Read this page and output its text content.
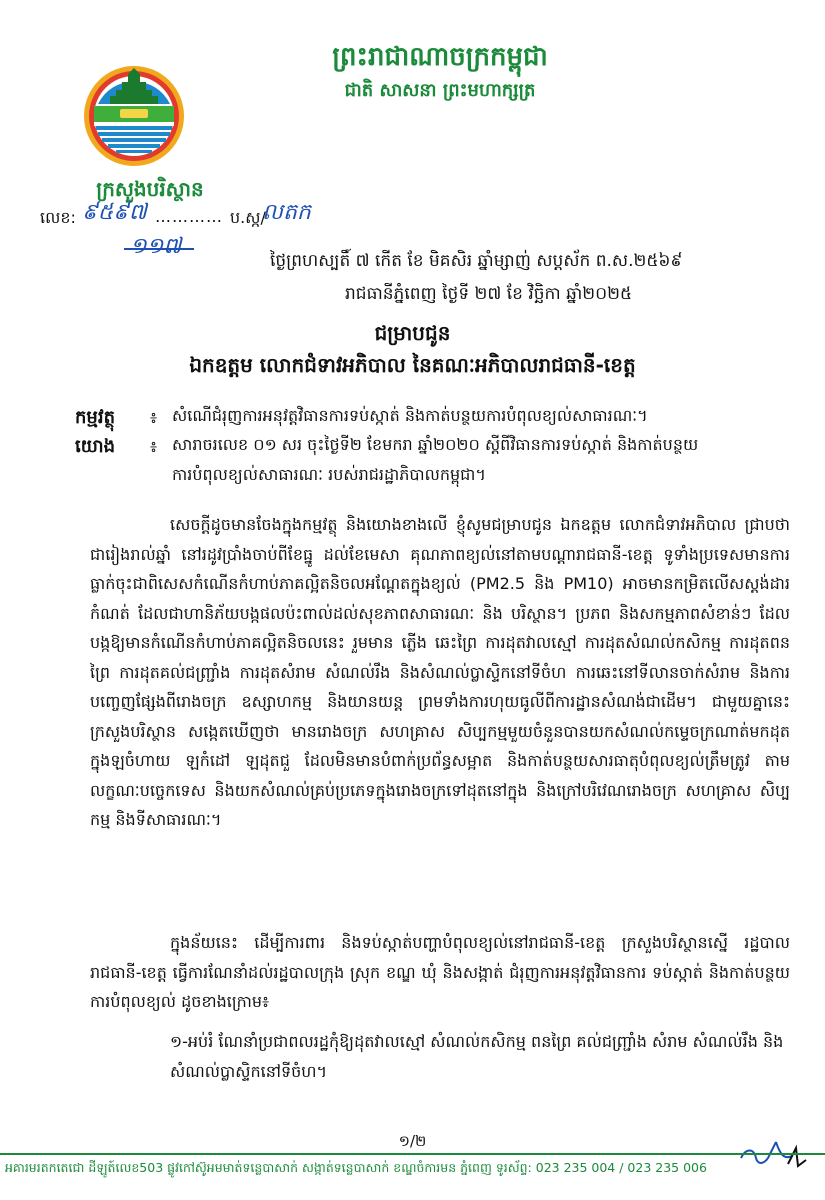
ព្រះរាជាណាចក្រកម្ពុជា
ជាតិ សាសនា ព្រះមហាក្សត្រ
ក្រសួងបរិស្ថាន
លេខ: ៩៥៩៧ ………… ប.ស្ក/
លតក
១១៧
ថ្ងៃព្រហស្បតិ៍ ៧ កើត ខែ មិគសិរ ឆ្នាំម្សាញ់ សប្តស័ក ព.ស.២៥៦៩
រាជធានីភ្នំពេញ ថ្ងៃទី ២៧ ខែ វិច្ឆិកា ឆ្នាំ២០២៥
ជម្រាបជូន
ឯកឧត្តម លោកជំទាវអភិបាល នៃគណៈអភិបាលរាជធានី-ខេត្ត
កម្មវត្ថុ ៖ សំណើជំរុញការអនុវត្តវិធានការទប់ស្កាត់ និងកាត់បន្ថយការបំពុលខ្យល់សាធារណៈ។
យោង ៖ សារាចរលេខ ០១ សរ ចុះថ្ងៃទី២ ខែមករា ឆ្នាំ២០២០ ស្តីពីវិធានការទប់ស្កាត់ និងកាត់បន្ថយ
ការបំពុលខ្យល់សាធារណៈ របស់រាជរដ្ឋាភិបាលកម្ពុជា។
សេចក្តីដូចមានចែងក្នុងកម្មវត្ថុ និងយោងខាងលើ ខ្ញុំសូមជម្រាបជូន ឯកឧត្តម លោកជំទាវអភិបាល ជ្រាបថា ជារៀងរាល់ឆ្នាំ នៅរដូវប្រាំងចាប់ពីខែធ្នូ ដល់ខែមេសា គុណភាពខ្យល់នៅតាមបណ្តារាជធានី-ខេត្ត ទូទាំងប្រទេសមានការធ្លាក់ចុះជាពិសេសកំណើនកំហាប់ភាគល្អិតនិចលអណ្តែតក្នុងខ្យល់ (PM2.5 និង PM10) អាចមានកម្រិតលើសស្តង់ដារកំណត់ ដែលជាហានិភ័យបង្កផលប៉ះពាល់ដល់សុខភាពសាធារណៈ និង បរិស្ថាន។ ប្រភព និងសកម្មភាពសំខាន់ៗ ដែលបង្កឱ្យមានកំណើនកំហាប់ភាគល្អិតនិចលនេះ រួមមាន ភ្លើង ឆេះព្រៃ ការដុតវាលស្មៅ ការដុតសំណល់កសិកម្ម ការដុតពនព្រៃ ការដុតគល់ជញ្ជ្រាំង ការដុតសំរាម សំណល់រឹង និងសំណល់ប្លាស្ទិកនៅទីចំហ ការឆេះនៅទីលានចាក់សំរាម និងការបញ្ចេញផ្សែងពីរោងចក្រ ឧស្សាហកម្ម និងយានយន្ត ព្រមទាំងការហុយធូលីពីការដ្ឋានសំណង់ជាដើម។ ជាមួយគ្នានេះ ក្រសួងបរិស្ថាន សង្កេតឃើញថា មានរោងចក្រ សហគ្រាស សិប្បកម្មមួយចំនួនបានយកសំណល់កម្ទេចក្រណាត់មកដុត ក្នុងឡចំហាយ ឡកំដៅ ឡដុតជួ ដែលមិនមានបំពាក់ប្រព័ន្ធសម្អាត និងកាត់បន្ថយសារធាតុបំពុលខ្យល់ត្រឹមត្រូវ តាមលក្ខណៈបច្ចេកទេស និងយកសំណល់គ្រប់ប្រភេទក្នុងរោងចក្រទៅដុតនៅក្នុង និងក្រៅបរិវេណរោងចក្រ សហគ្រាស សិប្បកម្ម និងទីសាធារណៈ។
ក្នុងន័យនេះ ដើម្បីការពារ និងទប់ស្កាត់បញ្ហាបំពុលខ្យល់នៅរាជធានី-ខេត្ត ក្រសួងបរិស្ថានស្នើ រដ្ឋបាលរាជធានី-ខេត្ត ធ្វើការណែនាំដល់រដ្ឋបាលក្រុង ស្រុក ខណ្ឌ ឃុំ និងសង្កាត់ ជំរុញការអនុវត្តវិធានការ ទប់ស្កាត់ និងកាត់បន្ថយការបំពុលខ្យល់ ដូចខាងក្រោម៖
១-អប់រំ ណែនាំប្រជាពលរដ្ឋកុំឱ្យដុតវាលស្មៅ សំណល់កសិកម្ម ពនព្រៃ គល់ជញ្ជ្រាំង សំរាម សំណល់រឹង និងសំណល់ប្លាស្ទិកនៅទីចំហ។
១/២
អគារមរតកតេជោ ដីឡូត៍លេខ503 ផ្លូវកៅស៊ូអមមាត់ទន្លេបាសាក់ សង្កាត់ទន្លេបាសាក់ ខណ្ឌចំការមន ភ្នំពេញ ទូរស័ព្ទ: 023 235 004 / 023 235 006
